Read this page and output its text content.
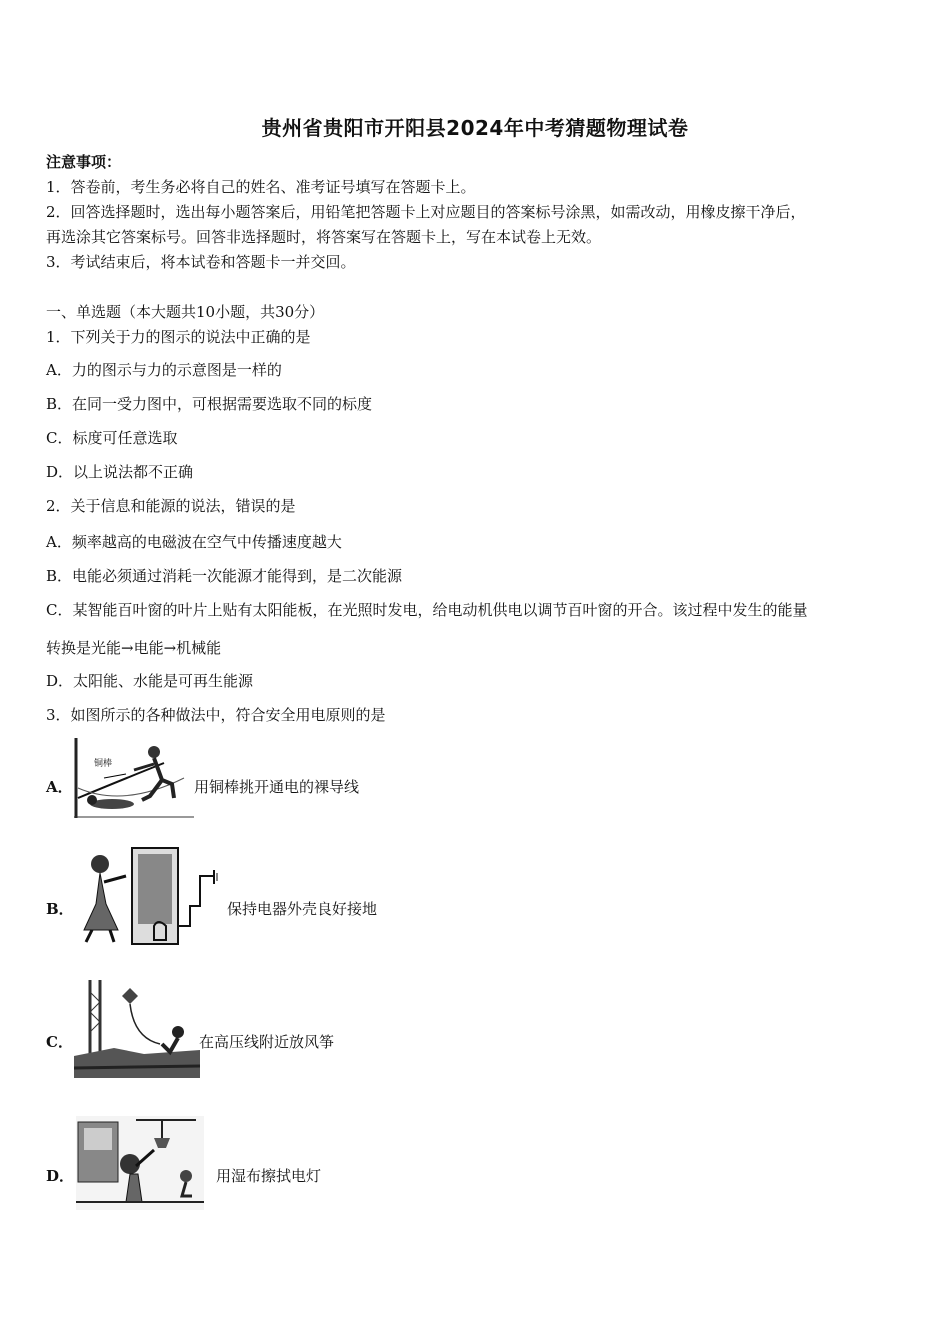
贵州省贵阳市开阳县2024年中考猜题物理试卷
注意事项：
1．答卷前，考生务必将自己的姓名、准考证号填写在答题卡上。
2．回答选择题时，选出每小题答案后，用铅笔把答题卡上对应题目的答案标号涂黑，如需改动，用橡皮擦干净后，
再选涂其它答案标号。回答非选择题时，将答案写在答题卡上，写在本试卷上无效。
3．考试结束后，将本试卷和答题卡一并交回。
一、单选题（本大题共10小题，共30分）
1．下列关于力的图示的说法中正确的是
A．力的图示与力的示意图是一样的
B．在同一受力图中，可根据需要选取不同的标度
C．标度可任意选取
D．以上说法都不正确
2．关于信息和能源的说法，错误的是
A．频率越高的电磁波在空气中传播速度越大
B．电能必须通过消耗一次能源才能得到，是二次能源
C．某智能百叶窗的叶片上贴有太阳能板，在光照时发电，给电动机供电以调节百叶窗的开合。该过程中发生的能量
转换是光能→电能→机械能
D．太阳能、水能是可再生能源
3．如图所示的各种做法中，符合安全用电原则的是
A．
铜棒
用铜棒挑开通电的裸导线
B．	保持电器外壳良好接地
C．	在高压线附近放风筝
D．	用湿布擦拭电灯
